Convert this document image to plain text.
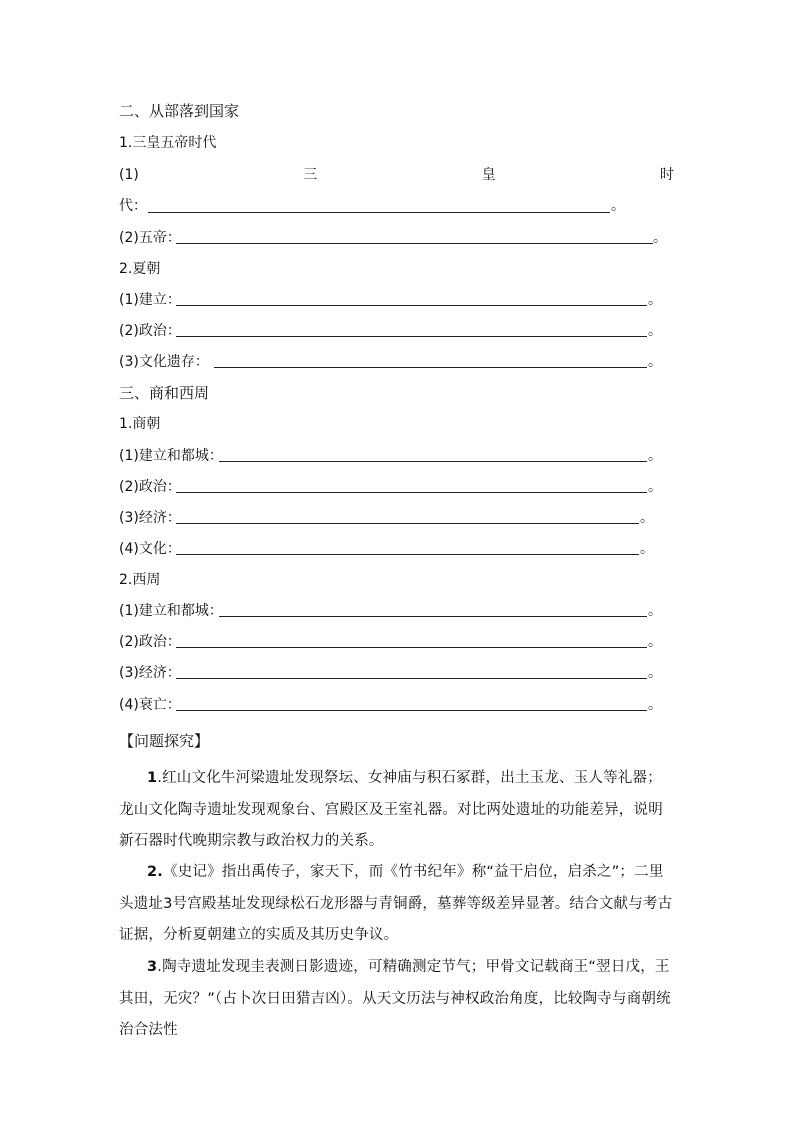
二、从部落到国家
1.三皇五帝时代
(1)	三	皇	时
代：	。
(2)五帝：	。
2.夏朝
(1)建立：	。
(2)政治：	。
(3)文化遗存：	。
三、商和西周
1.商朝
(1)建立和都城：	。
(2)政治：	。
(3)经济：	。
(4)文化：	。
2.西周
(1)建立和都城：	。
(2)政治：	。
(3)经济：	。
(4)衰亡：	。
【问题探究】
1.红山文化牛河梁遗址发现祭坛、女神庙与积石冢群，出土玉龙、玉人等礼器；龙山文化陶寺遗址发现观象台、宫殿区及王室礼器。对比两处遗址的功能差异，说明新石器时代晚期宗教与政治权力的关系。
2.《史记》指出禹传子，家天下，而《竹书纪年》称“益干启位，启杀之”；二里头遗址3号宫殿基址发现绿松石龙形器与青铜爵，墓葬等级差异显著。结合文献与考古证据，分析夏朝建立的实质及其历史争议。
3.陶寺遗址发现圭表测日影遗迹，可精确测定节气；甲骨文记载商王“翌日戊，王其田，无灾？”（占卜次日田猎吉凶）。从天文历法与神权政治角度，比较陶寺与商朝统治合法性
